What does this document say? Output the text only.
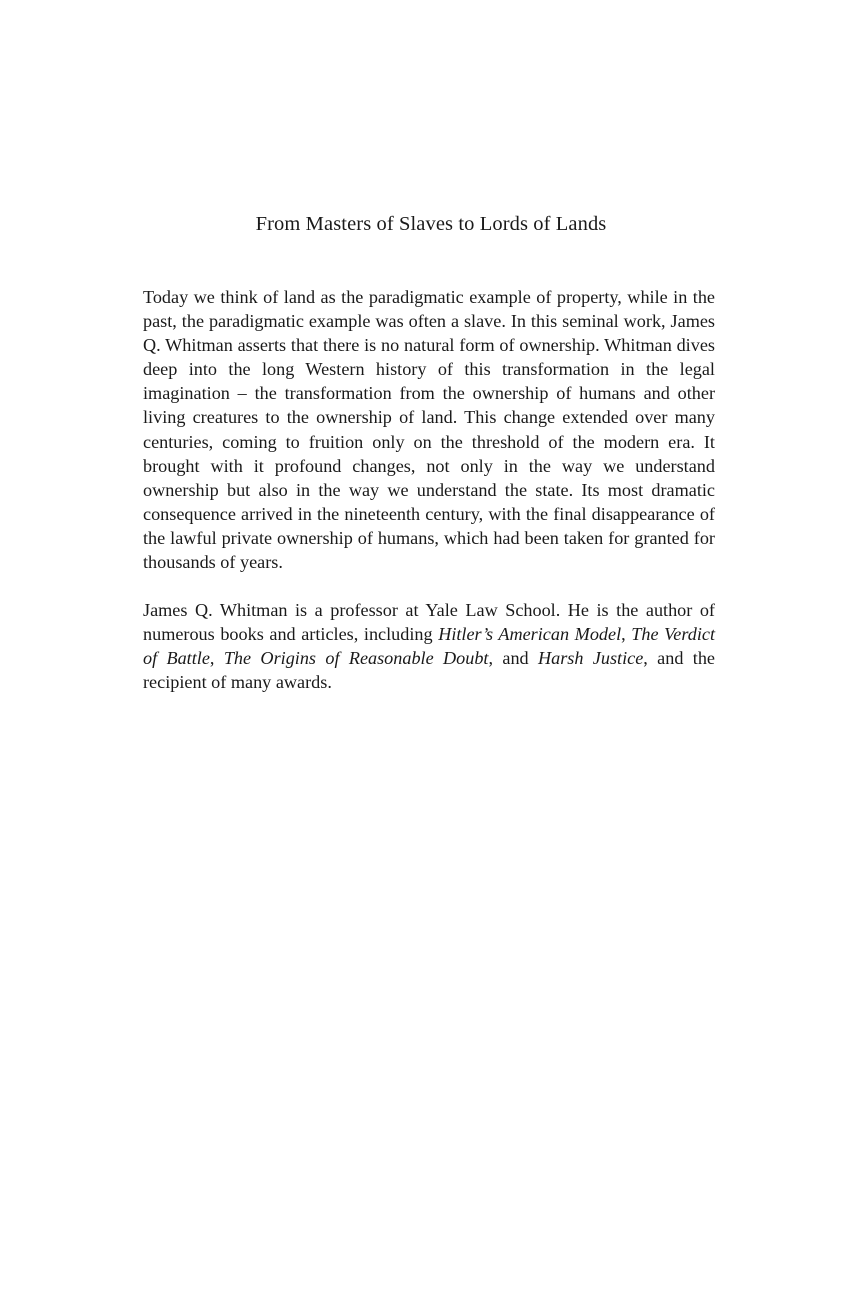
From Masters of Slaves to Lords of Lands

Today we think of land as the paradigmatic example of property, while in the past, the paradigmatic example was often a slave. In this seminal work, James Q. Whitman asserts that there is no natural form of ownership. Whitman dives deep into the long Western history of this transformation in the legal imagination – the transformation from the ownership of humans and other living creatures to the ownership of land. This change extended over many centuries, coming to fruition only on the threshold of the modern era. It brought with it profound changes, not only in the way we understand ownership but also in the way we understand the state. Its most dramatic consequence arrived in the nineteenth century, with the final disappearance of the lawful private ownership of humans, which had been taken for granted for thousands of years.

James Q. Whitman is a professor at Yale Law School. He is the author of numerous books and articles, including Hitler’s American Model, The Verdict of Battle, The Origins of Reasonable Doubt, and Harsh Justice, and the recipient of many awards.
